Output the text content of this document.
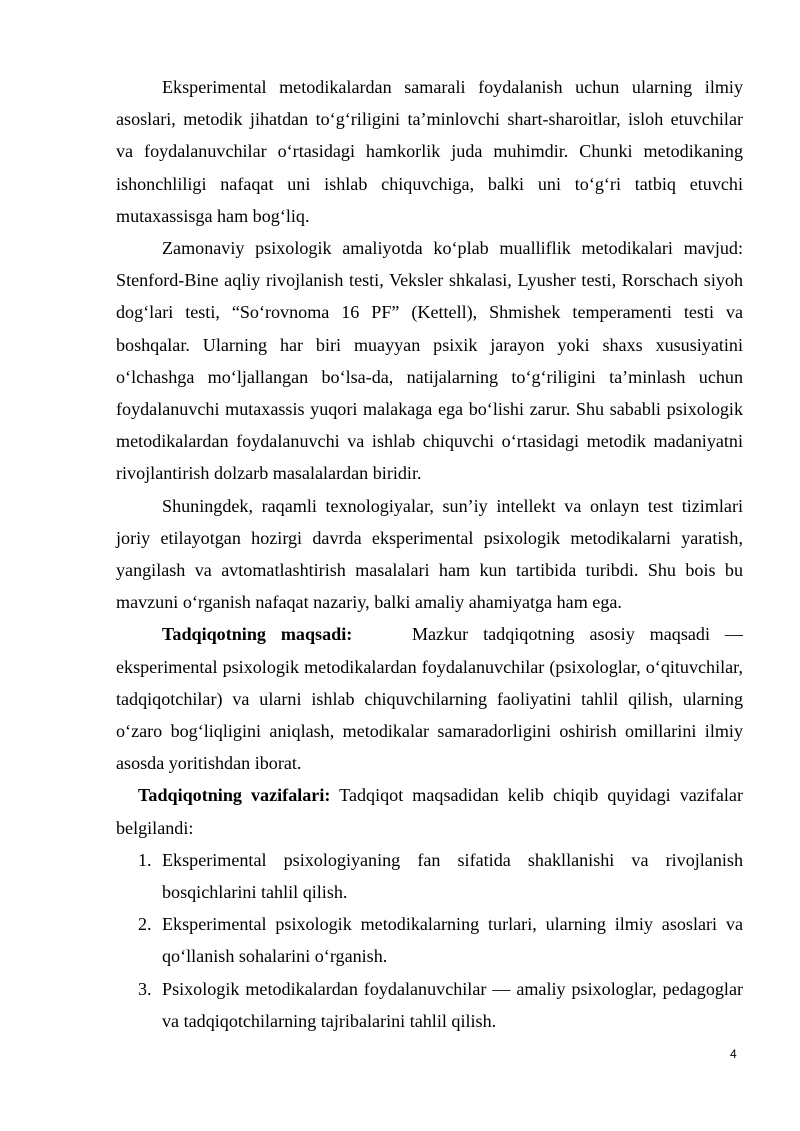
Eksperimental metodikalardan samarali foydalanish uchun ularning ilmiy asoslari, metodik jihatdan to‘g‘riligini ta’minlovchi shart-sharoitlar, isloh etuvchilar va foydalanuvchilar o‘rtasidagi hamkorlik juda muhimdir. Chunki metodikaning ishonchliligi nafaqat uni ishlab chiquvchiga, balki uni to‘g‘ri tatbiq etuvchi mutaxassisga ham bog‘liq.

Zamonaviy psixologik amaliyotda ko‘plab mualliflik metodikalari mavjud: Stenford-Bine aqliy rivojlanish testi, Veksler shkalasi, Lyusher testi, Rorschach siyoh dog‘lari testi, “So‘rovnoma 16 PF” (Kettell), Shmishek temperamenti testi va boshqalar. Ularning har biri muayyan psixik jarayon yoki shaxs xususiyatini o‘lchashga mo‘ljallangan bo‘lsa-da, natijalarning to‘g‘riligini ta’minlash uchun foydalanuvchi mutaxassis yuqori malakaga ega bo‘lishi zarur. Shu sababli psixologik metodikalardan foydalanuvchi va ishlab chiquvchi o‘rtasidagi metodik madaniyatni rivojlantirish dolzarb masalalardan biridir.

Shuningdek, raqamli texnologiyalar, sun’iy intellekt va onlayn test tizimlari joriy etilayotgan hozirgi davrda eksperimental psixologik metodikalarni yaratish, yangilash va avtomatlashtirish masalalari ham kun tartibida turibdi. Shu bois bu mavzuni o‘rganish nafaqat nazariy, balki amaliy ahamiyatga ham ega.

Tadqiqotning maqsadi:	Mazkur tadqiqotning asosiy maqsadi — eksperimental psixologik metodikalardan foydalanuvchilar (psixologlar, o‘qituvchilar, tadqiqotchilar) va ularni ishlab chiquvchilarning faoliyatini tahlil qilish, ularning o‘zaro bog‘liqligini aniqlash, metodikalar samaradorligini oshirish omillarini ilmiy asosda yoritishdan iborat.

Tadqiqotning vazifalari: Tadqiqot maqsadidan kelib chiqib quyidagi vazifalar belgilandi:

1. Eksperimental psixologiyaning fan sifatida shakllanishi va rivojlanish bosqichlarini tahlil qilish.
2. Eksperimental psixologik metodikalarning turlari, ularning ilmiy asoslari va qo‘llanish sohalarini o‘rganish.
3. Psixologik metodikalardan foydalanuvchilar — amaliy psixologlar, pedagoglar va tadqiqotchilarning tajribalarini tahlil qilish.
4
